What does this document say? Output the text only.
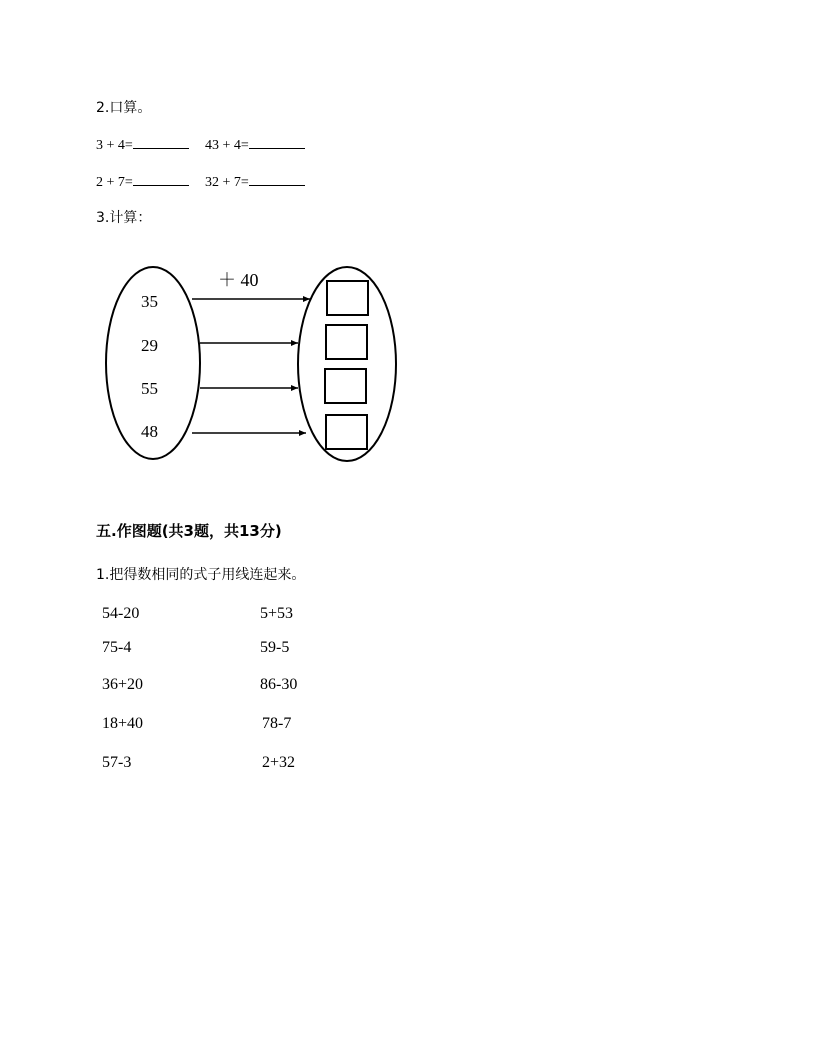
2.口算。
3 + 4=	43 + 4=
2 + 7=	32 + 7=
3.计算：
＋ 40
35
29
55
48
五.作图题(共3题，共13分)
1.把得数相同的式子用线连起来。
54-20
75-4
36+20
18+40
57-3
5+53
59-5
86-30
78-7
2+32
